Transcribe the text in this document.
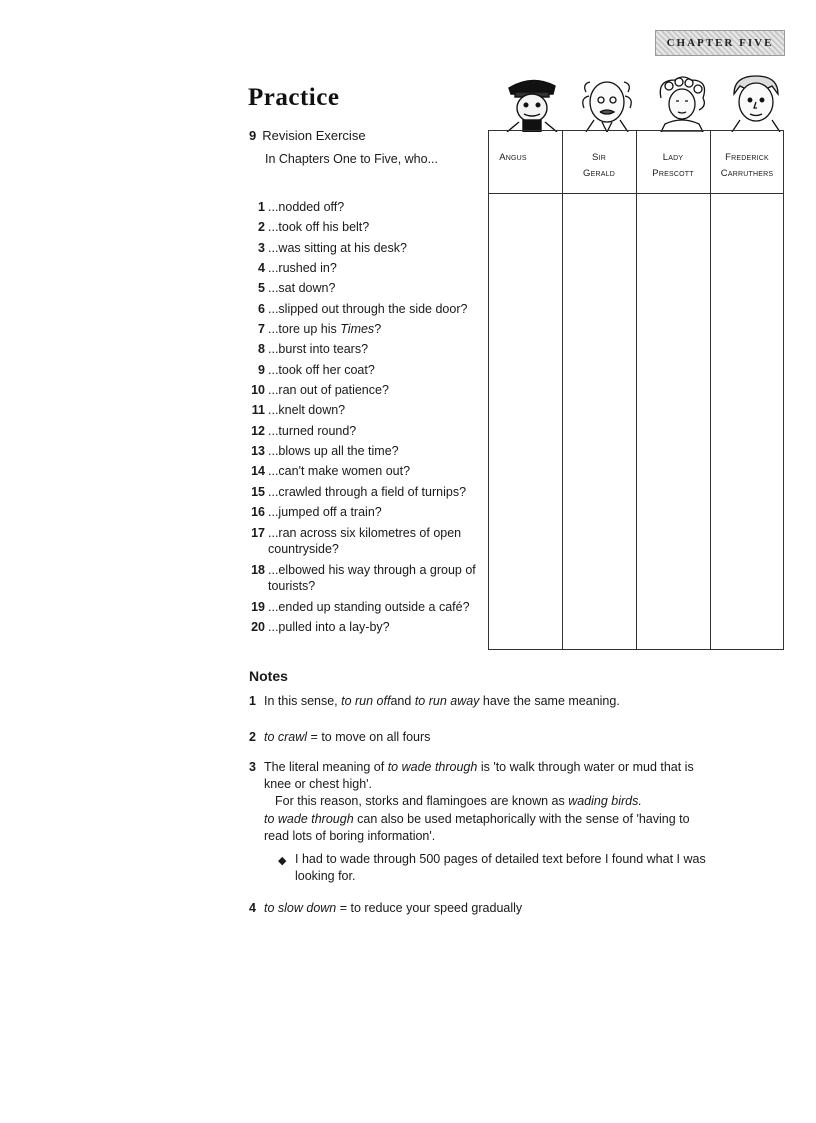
CHAPTER FIVE
Practice
9 Revision Exercise
In Chapters One to Five, who...	Angus	Sir
Gerald
Lady
Prescott
Frederick
Carruthers
1 ...nodded off?
2 ...took off his belt?
3 ...was sitting at his desk?
4 ...rushed in?
5 ...sat down?
6 ...slipped out through the side door?
7 ...tore up his Times?
8 ...burst into tears?
9 ...took off her coat?
10 ...ran out of patience?
11 ...knelt down?
12 ...turned round?
13 ...blows up all the time?
14 ...can't make women out?
15 ...crawled through a field of turnips?
16 ...jumped off a train?
17 ...ran across six kilometres of open countryside?
18 ...elbowed his way through a group of tourists?
19 ...ended up standing outside a café?
20 ...pulled into a lay-by?
Notes
1 In this sense, to run offand to run away have the same meaning.
2 to crawl = to move on all fours
3 The literal meaning of to wade through is 'to walk through water or mud that is knee or chest high'.
For this reason, storks and flamingoes are known as wading birds.
to wade through can also be used metaphorically with the sense of 'having to read lots of boring information'.
◆ I had to wade through 500 pages of detailed text before I found what I was looking for.
4 to slow down = to reduce your speed gradually
